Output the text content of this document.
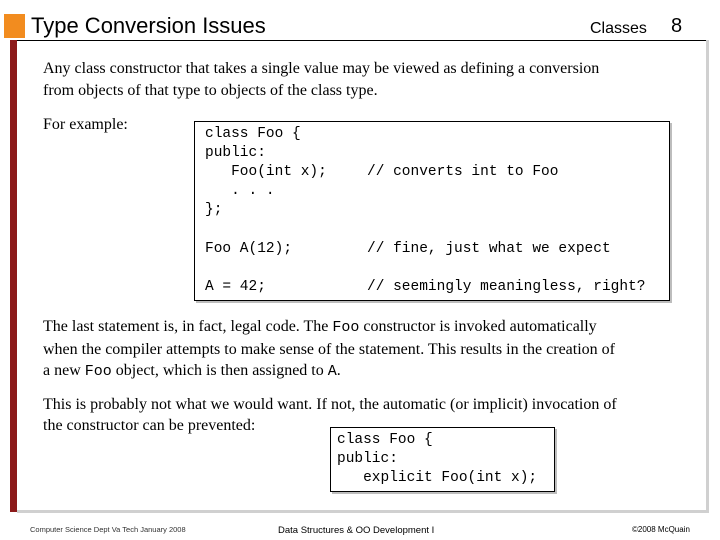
Type Conversion Issues	Classes 8
Any class constructor that takes a single value may be viewed as defining a conversion
from objects of that type to objects of the class type.
For example:
class Foo {
public:
Foo(int x);	// converts int to Foo
. . .
};
Foo A(12);	// fine, just what we expect
A = 42;	// seemingly meaningless, right?
The last statement is, in fact, legal code. The Foo constructor is invoked automatically
when the compiler attempts to make sense of the statement. This results in the creation of
a new Foo object, which is then assigned to A.
This is probably not what we would want. If not, the automatic (or implicit) invocation of
the constructor can be prevented:
class Foo {
public:
explicit Foo(int x);
Computer Science Dept Va Tech January 2008	Data Structures & OO Development I	©2008 McQuain
